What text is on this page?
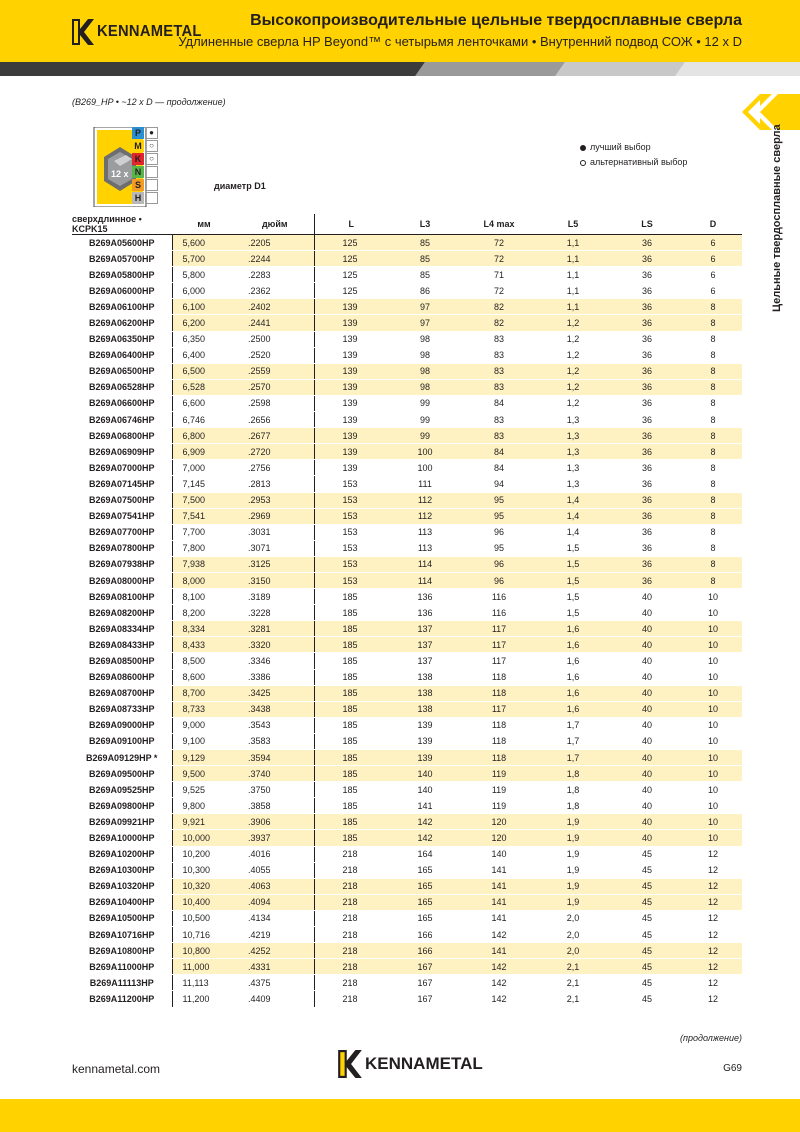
KENNAMETAL
Высокопроизводительные цельные твердосплавные сверла
Удлиненные сверла HP Beyond™ с четырьмя ленточками • Внутренний подвод СОЖ • 12 x D
(B269_HP • ~12 x D — продолжение)
Цельные твердосплавные сверла
12 x
P	●
M ○
K ○
N
S
H
лучший выбор
альтернативный выбор
диаметр D1
сверхдлинное • KCPK15	мм	дюйм	L	L3	L4 max	L5	LS	D
B269A05600HP	5,600	.2205	125	85	72	1,1	36	6
B269A05700HP	5,700	.2244	125	85	72	1,1	36	6
B269A05800HP	5,800	.2283	125	85	71	1,1	36	6
B269A06000HP	6,000	.2362	125	86	72	1,1	36	6
B269A06100HP	6,100	.2402	139	97	82	1,1	36	8
B269A06200HP	6,200	.2441	139	97	82	1,2	36	8
B269A06350HP	6,350	.2500	139	98	83	1,2	36	8
B269A06400HP	6,400	.2520	139	98	83	1,2	36	8
B269A06500HP	6,500	.2559	139	98	83	1,2	36	8
B269A06528HP	6,528	.2570	139	98	83	1,2	36	8
B269A06600HP	6,600	.2598	139	99	84	1,2	36	8
B269A06746HP	6,746	.2656	139	99	83	1,3	36	8
B269A06800HP	6,800	.2677	139	99	83	1,3	36	8
B269A06909HP	6,909	.2720	139	100	84	1,3	36	8
B269A07000HP	7,000	.2756	139	100	84	1,3	36	8
B269A07145HP	7,145	.2813	153	111	94	1,3	36	8
B269A07500HP	7,500	.2953	153	112	95	1,4	36	8
B269A07541HP	7,541	.2969	153	112	95	1,4	36	8
B269A07700HP	7,700	.3031	153	113	96	1,4	36	8
B269A07800HP	7,800	.3071	153	113	95	1,5	36	8
B269A07938HP	7,938	.3125	153	114	96	1,5	36	8
B269A08000HP	8,000	.3150	153	114	96	1,5	36	8
B269A08100HP	8,100	.3189	185	136	116	1,5	40	10
B269A08200HP	8,200	.3228	185	136	116	1,5	40	10
B269A08334HP	8,334	.3281	185	137	117	1,6	40	10
B269A08433HP	8,433	.3320	185	137	117	1,6	40	10
B269A08500HP	8,500	.3346	185	137	117	1,6	40	10
B269A08600HP	8,600	.3386	185	138	118	1,6	40	10
B269A08700HP	8,700	.3425	185	138	118	1,6	40	10
B269A08733HP	8,733	.3438	185	138	117	1,6	40	10
B269A09000HP	9,000	.3543	185	139	118	1,7	40	10
B269A09100HP	9,100	.3583	185	139	118	1,7	40	10
B269A09129HP *	9,129	.3594	185	139	118	1,7	40	10
B269A09500HP	9,500	.3740	185	140	119	1,8	40	10
B269A09525HP	9,525	.3750	185	140	119	1,8	40	10
B269A09800HP	9,800	.3858	185	141	119	1,8	40	10
B269A09921HP	9,921	.3906	185	142	120	1,9	40	10
B269A10000HP	10,000	.3937	185	142	120	1,9	40	10
B269A10200HP	10,200	.4016	218	164	140	1,9	45	12
B269A10300HP	10,300	.4055	218	165	141	1,9	45	12
B269A10320HP	10,320	.4063	218	165	141	1,9	45	12
B269A10400HP	10,400	.4094	218	165	141	1,9	45	12
B269A10500HP	10,500	.4134	218	165	141	2,0	45	12
B269A10716HP	10,716	.4219	218	166	142	2,0	45	12
B269A10800HP	10,800	.4252	218	166	141	2,0	45	12
B269A11000HP	11,000	.4331	218	167	142	2,1	45	12
B269A11113HP	11,113	.4375	218	167	142	2,1	45	12
B269A11200HP	11,200	.4409	218	167	142	2,1	45	12
(продолжение)
kennametal.com	KENNAMETAL	G69
